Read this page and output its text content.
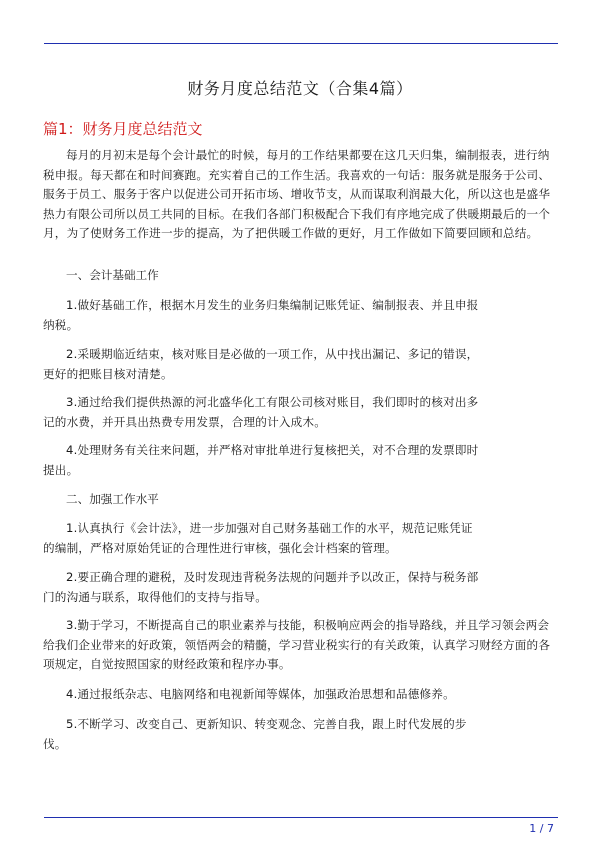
财务月度总结范文（合集4篇）
篇1：财务月度总结范文
每月的月初末是每个会计最忙的时候，每月的工作结果都要在这几天归集，编制报表，进行纳税申报。每天都在和时间赛跑。充实着自己的工作生活。我喜欢的一句话：服务就是服务于公司、服务于员工、服务于客户以促进公司开拓市场、增收节支，从而谋取利润最大化，所以这也是盛华热力有限公司所以员工共同的目标。在我们各部门积极配合下我们有序地完成了供暖期最后的一个月，为了使财务工作进一步的提高，为了把供暖工作做的更好，月工作做如下简要回顾和总结。
一、会计基础工作
1.做好基础工作，根据木月发生的业务归集编制记账凭证、编制报表、并且申报纳税。
2.采暖期临近结束，核对账目是必做的一项工作，从中找出漏记、多记的错误，更好的把账目核对清楚。
3.通过给我们提供热源的河北盛华化工有限公司核对账目，我们即时的核对出多记的水费，并开具出热费专用发票，合理的计入成木。
4.处理财务有关往来问题，并严格对审批单进行复核把关，对不合理的发票即时提出。
二、加强工作水平
1.认真执行《会计法》，进一步加强对自己财务基础工作的水平，规范记账凭证的编制，严格对原始凭证的合理性进行审核，强化会计档案的管理。
2.要正确合理的避税，及时发现违背税务法规的问题并予以改正，保持与税务部门的沟通与联系，取得他们的支持与指导。
3.勤于学习，不断提高自己的职业素养与技能，积极响应两会的指导路线，并且学习领会两会给我们企业带来的好政策，领悟两会的精髓，学习营业税实行的有关政策，认真学习财经方面的各项规定，自觉按照国家的财经政策和程序办事。
4.通过报纸杂志、电脑网络和电视新闻等媒体，加强政治思想和品德修养。
5.不断学习、改变自己、更新知识、转变观念、完善自我，跟上时代发展的步伐。
1 / 7
